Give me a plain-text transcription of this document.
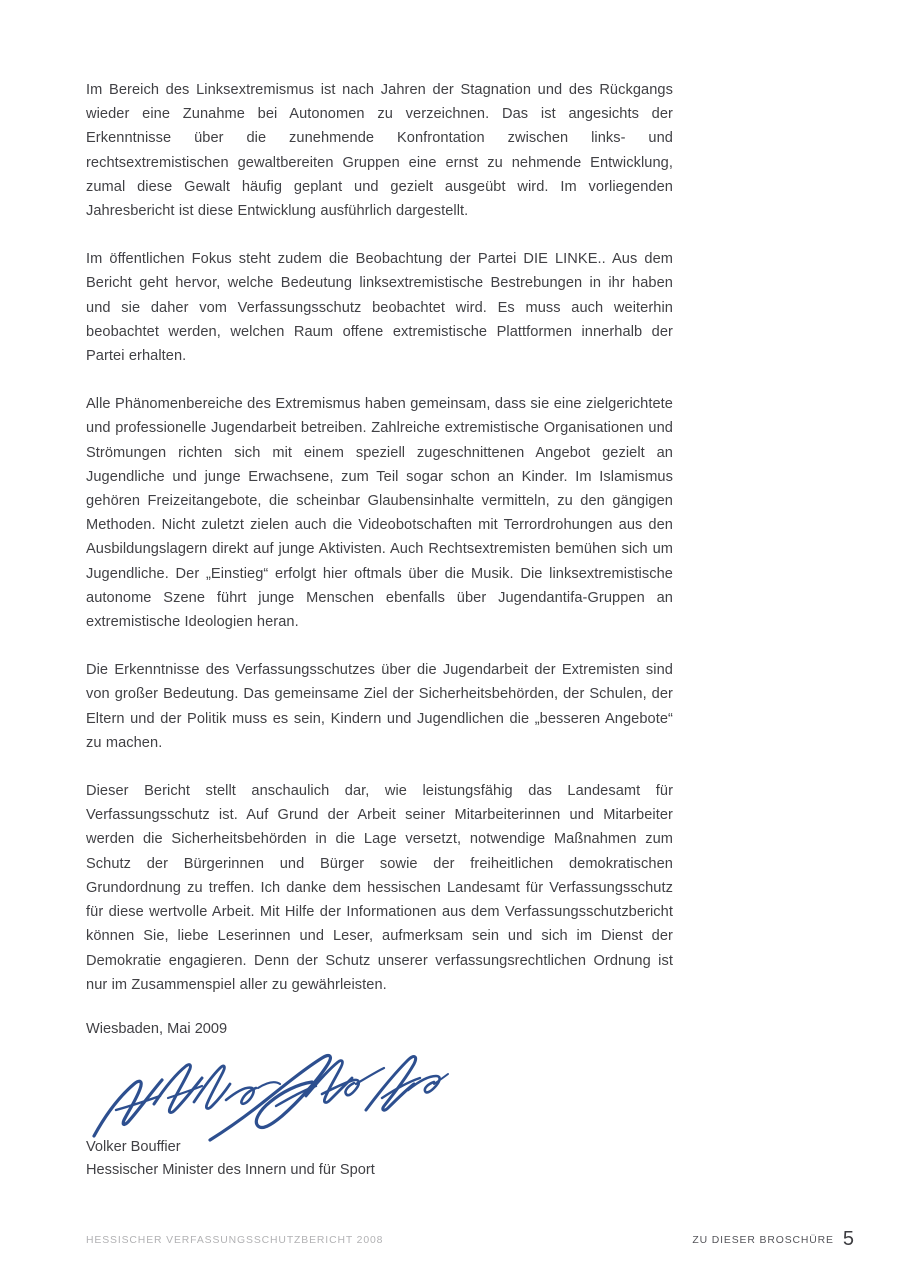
Im Bereich des Linksextremismus ist nach Jahren der Stagnation und des Rückgangs wieder eine Zunahme bei Autonomen zu verzeichnen. Das ist angesichts der Erkenntnisse über die zunehmende Konfrontation zwischen links- und rechtsextremistischen gewaltbereiten Gruppen eine ernst zu nehmende Entwicklung, zumal diese Gewalt häufig geplant und gezielt ausgeübt wird. Im vorliegenden Jahresbericht ist diese Entwicklung ausführlich dargestellt.

Im öffentlichen Fokus steht zudem die Beobachtung der Partei DIE LINKE.. Aus dem Bericht geht hervor, welche Bedeutung linksextremistische Bestrebungen in ihr haben und sie daher vom Verfassungsschutz beobachtet wird. Es muss auch weiterhin beobachtet werden, welchen Raum offene extremistische Plattformen innerhalb der Partei erhalten.

Alle Phänomenbereiche des Extremismus haben gemeinsam, dass sie eine zielgerichtete und professionelle Jugendarbeit betreiben. Zahlreiche extremistische Organisationen und Strömungen richten sich mit einem speziell zugeschnittenen Angebot gezielt an Jugendliche und junge Erwachsene, zum Teil sogar schon an Kinder. Im Islamismus gehören Freizeitangebote, die scheinbar Glaubensinhalte vermitteln, zu den gängigen Methoden. Nicht zuletzt zielen auch die Videobotschaften mit Terrordrohungen aus den Ausbildungslagern direkt auf junge Aktivisten. Auch Rechtsextremisten bemühen sich um Jugendliche. Der „Einstieg“ erfolgt hier oftmals über die Musik. Die linksextremistische autonome Szene führt junge Menschen ebenfalls über Jugendantifa-Gruppen an extremistische Ideologien heran.

Die Erkenntnisse des Verfassungsschutzes über die Jugendarbeit der Extremisten sind von großer Bedeutung. Das gemeinsame Ziel der Sicherheitsbehörden, der Schulen, der Eltern und der Politik muss es sein, Kindern und Jugendlichen die „besseren Angebote“ zu machen.

Dieser Bericht stellt anschaulich dar, wie leistungsfähig das Landesamt für Verfassungsschutz ist. Auf Grund der Arbeit seiner Mitarbeiterinnen und Mitarbeiter werden die Sicherheitsbehörden in die Lage versetzt, notwendige Maßnahmen zum Schutz der Bürgerinnen und Bürger sowie der freiheitlichen demokratischen Grundordnung zu treffen. Ich danke dem hessischen Landesamt für Verfassungsschutz für diese wertvolle Arbeit. Mit Hilfe der Informationen aus dem Verfassungsschutzbericht können Sie, liebe Leserinnen und Leser, aufmerksam sein und sich im Dienst der Demokratie engagieren. Denn der Schutz unserer verfassungsrechtlichen Ordnung ist nur im Zusammenspiel aller zu gewährleisten.

Wiesbaden, Mai 2009

Volker Bouffier

Hessischer Minister des Innern und für Sport

HESSISCHER VERFASSUNGSSCHUTZBERICHT 2008	ZU DIESER BROSCHÜRE 5
